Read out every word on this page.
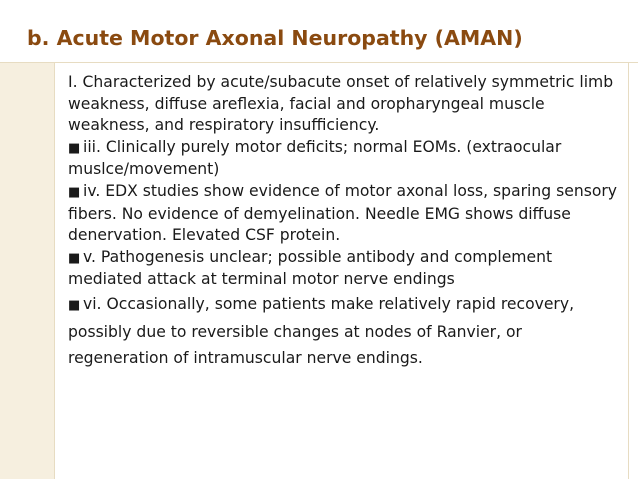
b. Acute Motor Axonal Neuropathy (AMAN)

I. Characterized by acute/subacute onset of relatively symmetric limb weakness, diffuse areflexia, facial and oropharyngeal muscle weakness, and respiratory insufficiency.

■ iii. Clinically purely motor deficits; normal EOMs. (extraocular muslce/movement)

■ iv. EDX studies show evidence of motor axonal loss, sparing sensory fibers. No evidence of demyelination. Needle EMG shows diffuse denervation. Elevated CSF protein.

■ v. Pathogenesis unclear; possible antibody and complement mediated attack at terminal motor nerve endings

■ vi. Occasionally, some patients make relatively rapid recovery, possibly due to reversible changes at nodes of Ranvier, or regeneration of intramuscular nerve endings.
